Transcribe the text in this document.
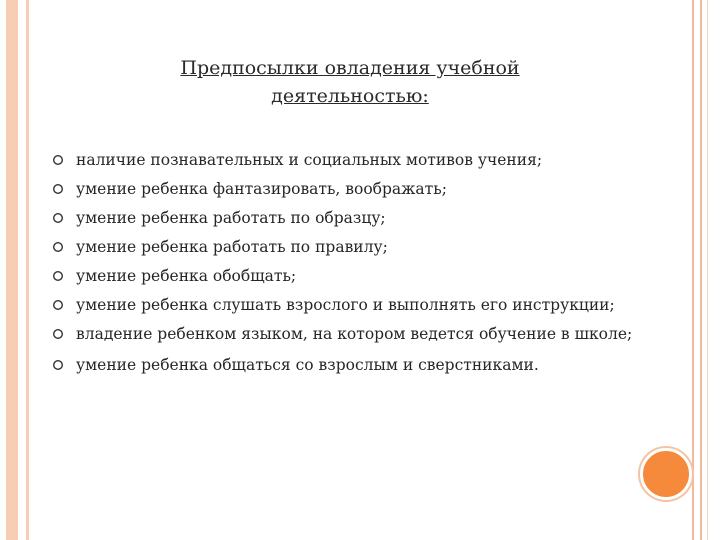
Предпосылки овладения учебной
деятельностью:
наличие познавательных и социальных мотивов учения;
умение ребенка фантазировать, воображать;
умение ребенка работать по образцу;
умение ребенка работать по правилу;
умение ребенка обобщать;
умение ребенка слушать взрослого и выполнять его инструкции;
владение ребенком языком, на котором ведется обучение в школе;
умение ребенка общаться со взрослым и сверстниками.
